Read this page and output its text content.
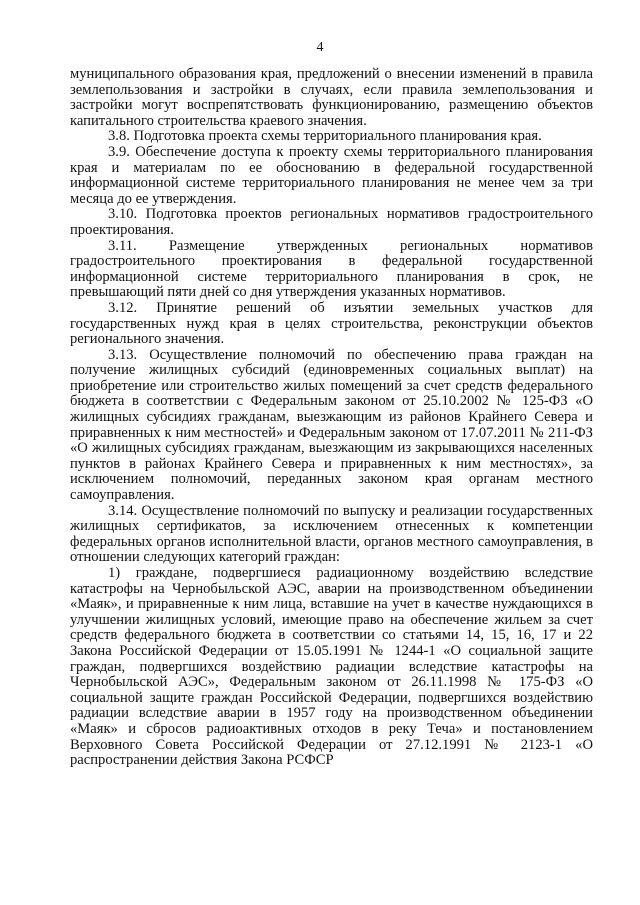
4

муниципального образования края, предложений о внесении изменений в правила землепользования и застройки в случаях, если правила землепользования и застройки могут воспрепятствовать функционированию, размещению объектов капитального строительства краевого значения.

3.8. Подготовка проекта схемы территориального планирования края.

3.9. Обеспечение доступа к проекту схемы территориального планирования края и материалам по ее обоснованию в федеральной государственной информационной системе территориального планирования не менее чем за три месяца до ее утверждения.

3.10. Подготовка проектов региональных нормативов градостроительного проектирования.

3.11. Размещение утвержденных региональных нормативов градостроительного проектирования в федеральной государственной информационной системе территориального планирования в срок, не превышающий пяти дней со дня утверждения указанных нормативов.

3.12. Принятие решений об изъятии земельных участков для государственных нужд края в целях строительства, реконструкции объектов регионального значения.

3.13. Осуществление полномочий по обеспечению права граждан на получение жилищных субсидий (единовременных социальных выплат) на приобретение или строительство жилых помещений за счет средств федерального бюджета в соответствии с Федеральным законом от 25.10.2002 № 125-ФЗ «О жилищных субсидиях гражданам, выезжающим из районов Крайнего Севера и приравненных к ним местностей» и Федеральным законом от 17.07.2011 № 211-ФЗ «О жилищных субсидиях гражданам, выезжающим из закрывающихся населенных пунктов в районах Крайнего Севера и приравненных к ним местностях», за исключением полномочий, переданных законом края органам местного самоуправления.

3.14. Осуществление полномочий по выпуску и реализации государственных жилищных сертификатов, за исключением отнесенных к компетенции федеральных органов исполнительной власти, органов местного самоуправления, в отношении следующих категорий граждан:

1) граждане, подвергшиеся радиационному воздействию вследствие катастрофы на Чернобыльской АЭС, аварии на производственном объединении «Маяк», и приравненные к ним лица, вставшие на учет в качестве нуждающихся в улучшении жилищных условий, имеющие право на обеспечение жильем за счет средств федерального бюджета в соответствии со статьями 14, 15, 16, 17 и 22 Закона Российской Федерации от 15.05.1991 № 1244-1 «О социальной защите граждан, подвергшихся воздействию радиации вследствие катастрофы на Чернобыльской АЭС», Федеральным законом от 26.11.1998 № 175-ФЗ «О социальной защите граждан Российской Федерации, подвергшихся воздействию радиации вследствие аварии в 1957 году на производственном объединении «Маяк» и сбросов радиоактивных отходов в реку Теча» и постановлением Верховного Совета Российской Федерации от 27.12.1991 № 2123-1 «О распространении действия Закона РСФСР
